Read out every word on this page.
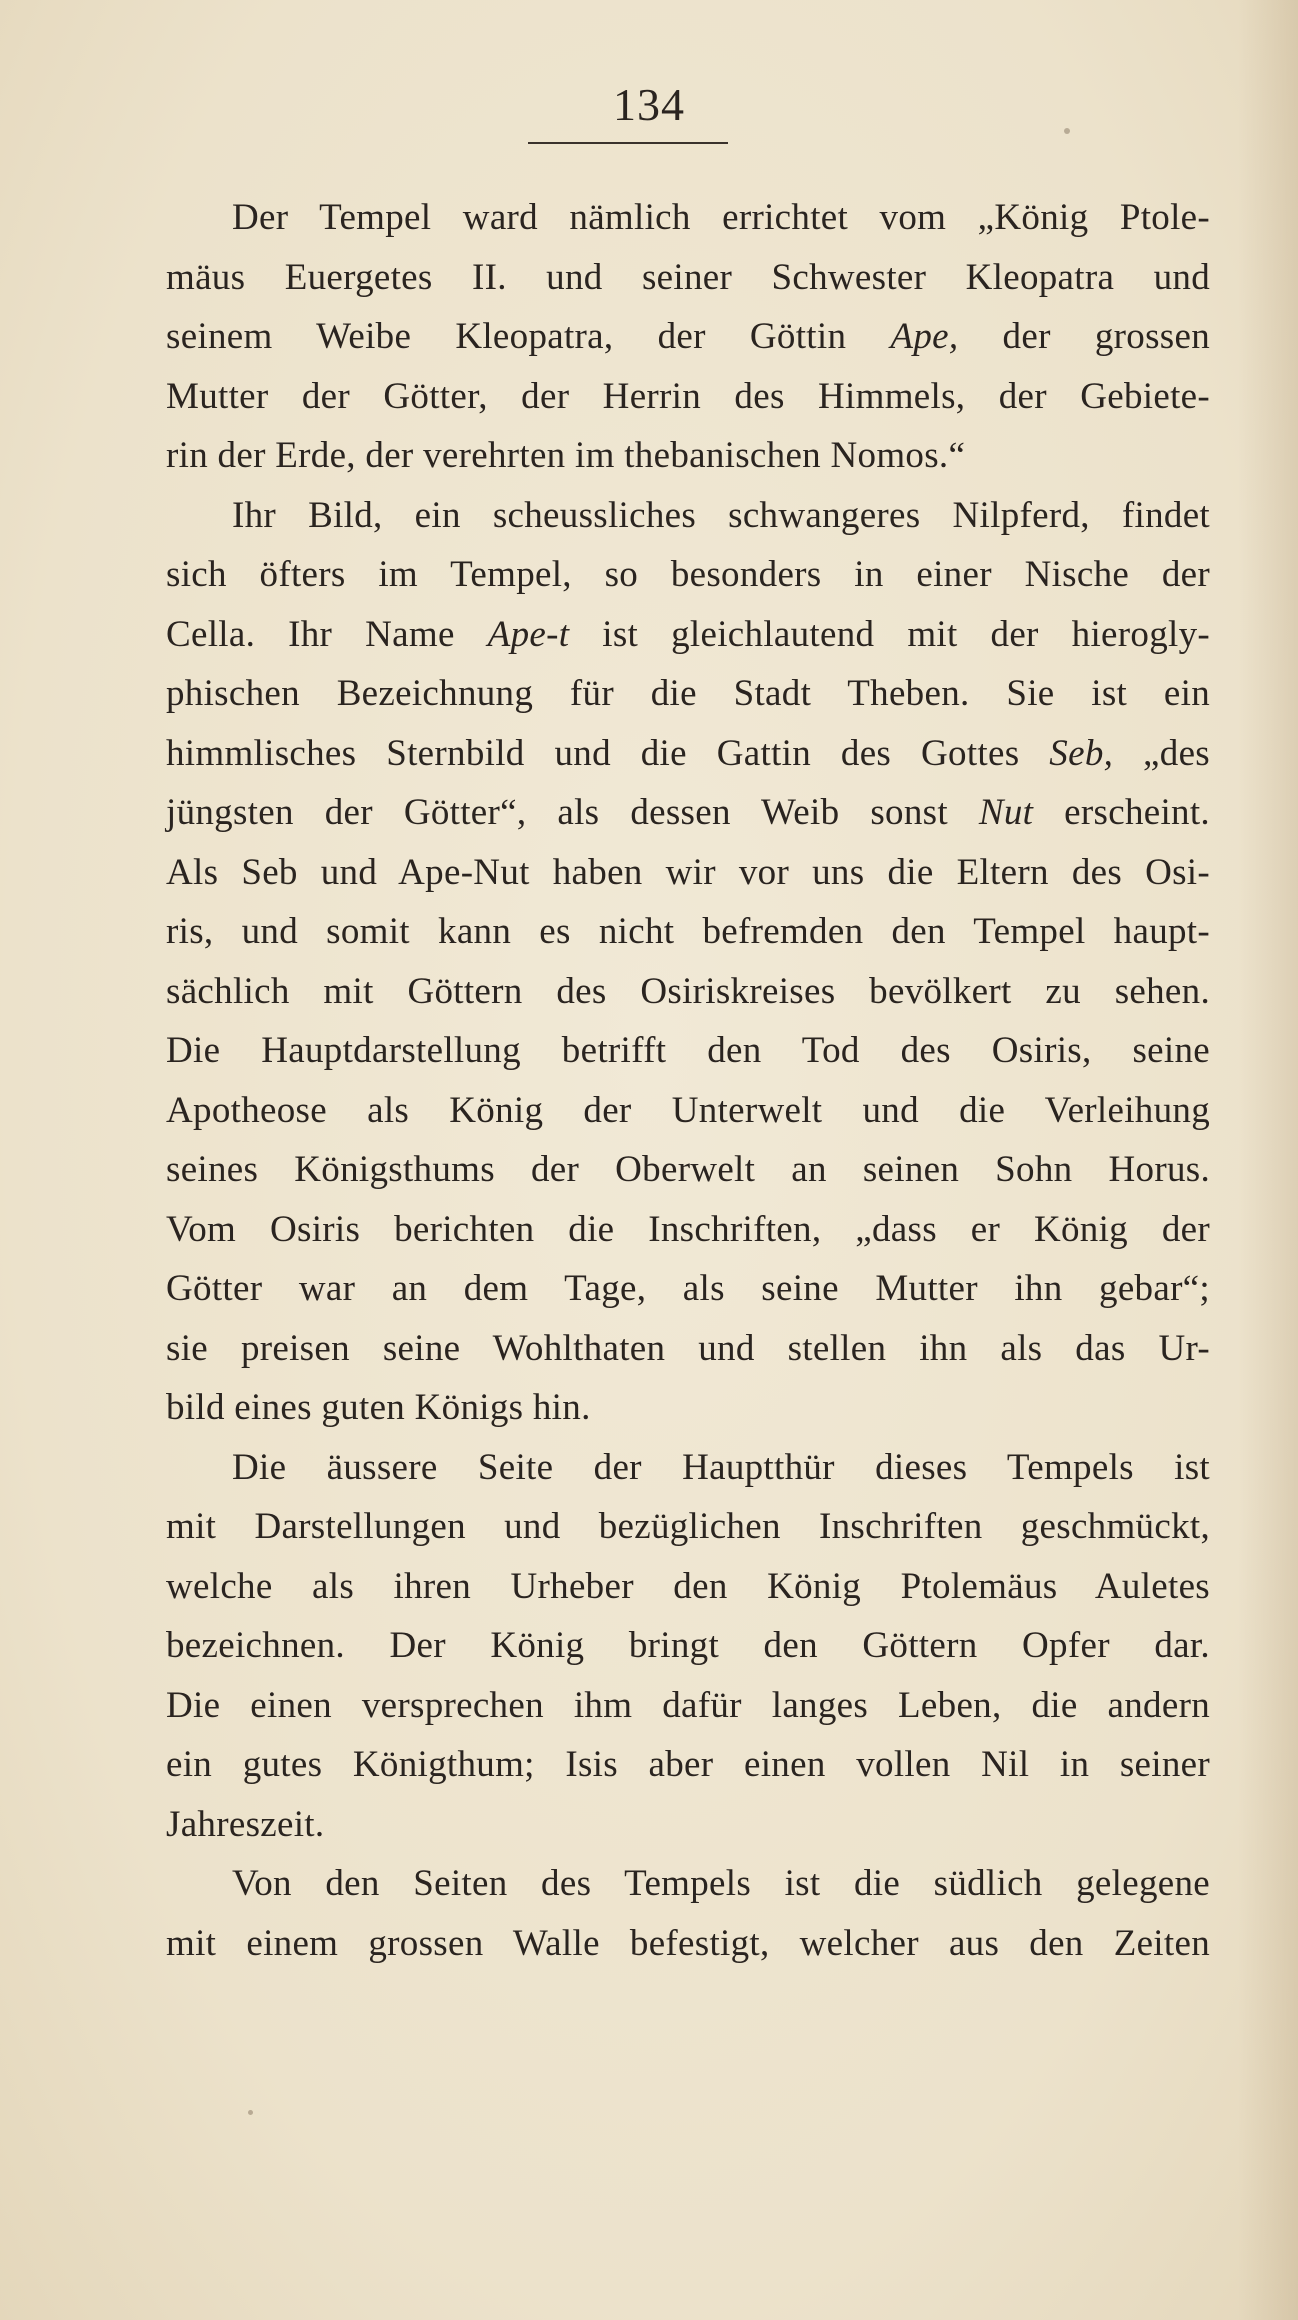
134
Der Tempel ward nämlich errichtet vom „König Ptole-
mäus Euergetes II. und seiner Schwester Kleopatra und
seinem Weibe Kleopatra, der Göttin Ape, der grossen
Mutter der Götter, der Herrin des Himmels, der Gebiete-
rin der Erde, der verehrten im thebanischen Nomos.“
Ihr Bild, ein scheussliches schwangeres Nilpferd, findet
sich öfters im Tempel, so besonders in einer Nische der
Cella. Ihr Name Ape-t ist gleichlautend mit der hierogly-
phischen Bezeichnung für die Stadt Theben. Sie ist ein
himmlisches Sternbild und die Gattin des Gottes Seb, „des
jüngsten der Götter“, als dessen Weib sonst Nut erscheint.
Als Seb und Ape-Nut haben wir vor uns die Eltern des Osi-
ris, und somit kann es nicht befremden den Tempel haupt-
sächlich mit Göttern des Osiriskreises bevölkert zu sehen.
Die Hauptdarstellung betrifft den Tod des Osiris, seine
Apotheose als König der Unterwelt und die Verleihung
seines Königsthums der Oberwelt an seinen Sohn Horus.
Vom Osiris berichten die Inschriften, „dass er König der
Götter war an dem Tage, als seine Mutter ihn gebar“;
sie preisen seine Wohlthaten und stellen ihn als das Ur-
bild eines guten Königs hin.
Die äussere Seite der Hauptthür dieses Tempels ist
mit Darstellungen und bezüglichen Inschriften geschmückt,
welche als ihren Urheber den König Ptolemäus Auletes
bezeichnen. Der König bringt den Göttern Opfer dar.
Die einen versprechen ihm dafür langes Leben, die andern
ein gutes Königthum; Isis aber einen vollen Nil in seiner
Jahreszeit.
Von den Seiten des Tempels ist die südlich gelegene
mit einem grossen Walle befestigt, welcher aus den Zeiten
